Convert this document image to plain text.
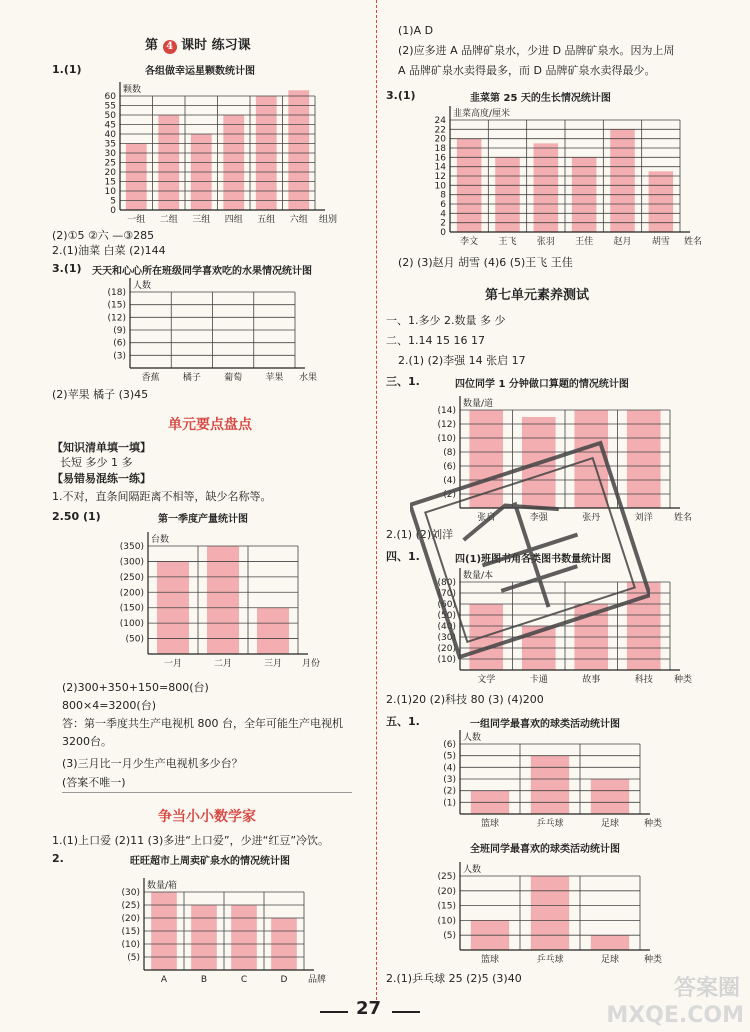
第 4 课时 练习课
1.(1)	各组做幸运星颗数统计图
0
5
10
15
20
25
30
35
40
45
50
55
60
颗数
一组 二组 三组 四组 五组 六组 组别
(2)①5 ②六 —③285
2.(1)油菜 白菜 (2)144
3.(1) 天天和心心所在班级同学喜欢吃的水果情况统计图
(3)
(6)
(9)
(12)
(15)
(18)
人数
香蕉	橘子	葡萄	苹果 水果
(2)苹果 橘子 (3)45
单元要点盘点
【知识清单填一填】
长短 多少 1 多
【易错易混练一练】
1.不对，直条间隔距离不相等，缺少名称等。
2.50 (1)	第一季度产量统计图
(50)
(100)
(150)
(200)
(250)
(300)
(350)
台数
一月	二月	三月 月份
(2)300+350+150=800(台)
800×4=3200(台)
答：第一季度共生产电视机 800 台，全年可能生产电视机
3200台。
(3)三月比一月少生产电视机多少台？
(答案不唯一)
争当小小数学家
1.(1)上口爱 (2)11 (3)多进“上口爱”，少进“红豆”冷饮。
2.	旺旺超市上周卖矿泉水的情况统计图
(5)
(10)
(15)
(20)
(25)
(30)
数量/箱
A	B	C	D 品牌
(1)A D
(2)应多进 A 品牌矿泉水，少进 D 品牌矿泉水。因为上周
A 品牌矿泉水卖得最多，而 D 品牌矿泉水卖得最少。
3.(1)	韭菜第 25 天的生长情况统计图
0
2
4
6
8
10
12
14
16
18
20
22
24
韭菜高度/厘米
李文 王飞 张羽 王佳 赵月 胡雪 姓名
(2) (3)赵月 胡雪 (4)6 (5)王飞 王佳
第七单元素养测试
一、1.多少 2.数量 多 少
二、1.14 15 16 17
2.(1) (2)李强 14 张启 17
三、1.	四位同学 1 分钟做口算题的情况统计图
(2)
(4)
(6)
(8)
(10)
(12)
(14)
数量/道
张启	李强	张丹	刘洋 姓名
2.(1) (2)刘洋
四、1.	四(1)班图书角各类图书数量统计图
(10)
(20)
(30)
(40)
(50)
(60)
(70)
(80)
数量/本
文学	卡通	故事	科技 种类
2.(1)20 (2)科技 80 (3) (4)200
五、1.	一组同学最喜欢的球类活动统计图
(1)
(2)
(3)
(4)
(5)
(6)
人数
篮球	乒乓球	足球	种类
全班同学最喜欢的球类活动统计图
(5)
(10)
(15)
(20)
(25)
人数
篮球	乒乓球	足球	种类
2.(1)乒乓球 25 (2)5 (3)40
27
答案圈
MXQE.COM
